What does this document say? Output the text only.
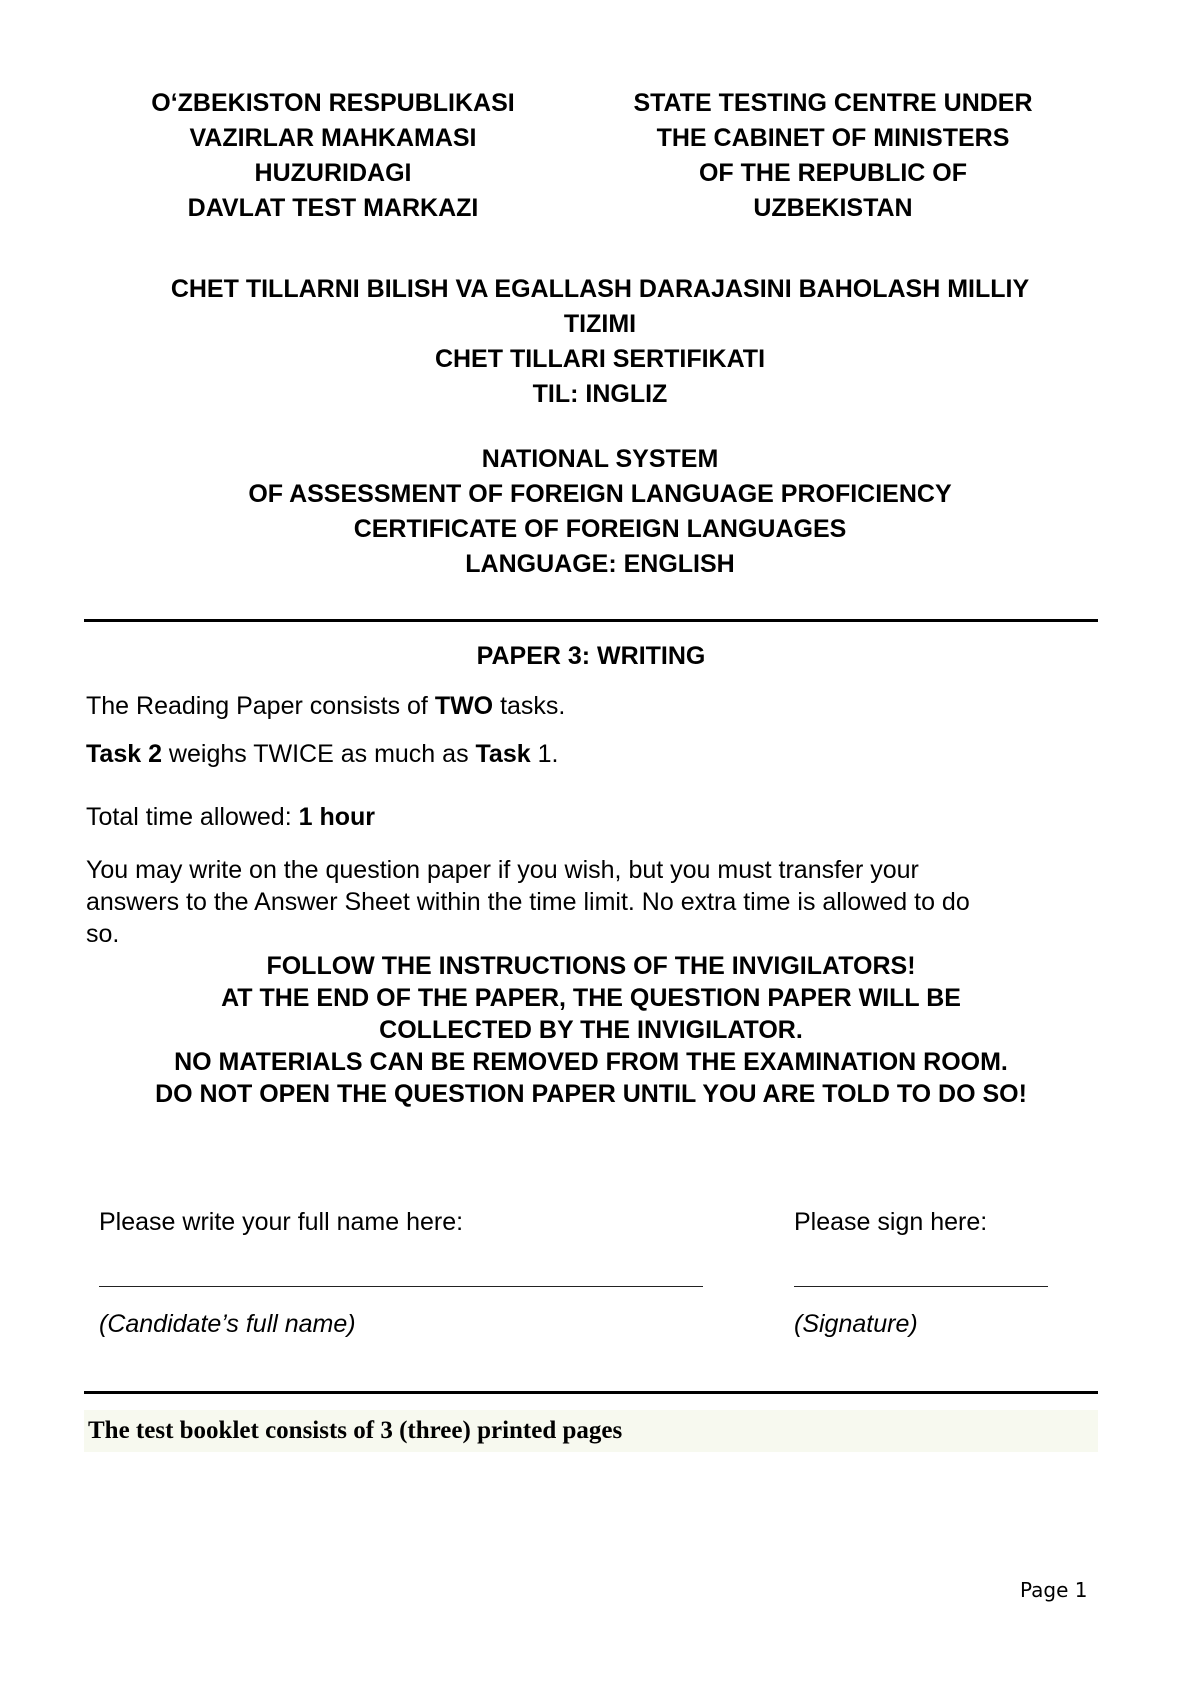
O‘ZBEKISTON RESPUBLIKASI
VAZIRLAR MAHKAMASI
HUZURIDAGI
DAVLAT TEST MARKAZI
STATE TESTING CENTRE UNDER
THE CABINET OF MINISTERS
OF THE REPUBLIC OF
UZBEKISTAN
CHET TILLARNI BILISH VA EGALLASH DARAJASINI BAHOLASH MILLIY
TIZIMI
CHET TILLARI SERTIFIKATI
TIL: INGLIZ
NATIONAL SYSTEM
OF ASSESSMENT OF FOREIGN LANGUAGE PROFICIENCY
CERTIFICATE OF FOREIGN LANGUAGES
LANGUAGE: ENGLISH
PAPER 3: WRITING
The Reading Paper consists of TWO tasks.
Task 2 weighs TWICE as much as Task 1.
Total time allowed: 1 hour
You may write on the question paper if you wish, but you must transfer your
answers to the Answer Sheet within the time limit. No extra time is allowed to do
so.
FOLLOW THE INSTRUCTIONS OF THE INVIGILATORS!
AT THE END OF THE PAPER, THE QUESTION PAPER WILL BE
COLLECTED BY THE INVIGILATOR.
NO MATERIALS CAN BE REMOVED FROM THE EXAMINATION ROOM.
DO NOT OPEN THE QUESTION PAPER UNTIL YOU ARE TOLD TO DO SO!
Please write your full name here:	Please sign here:
(Candidate’s full name)	(Signature)
The test booklet consists of 3 (three) printed pages
Page 1
